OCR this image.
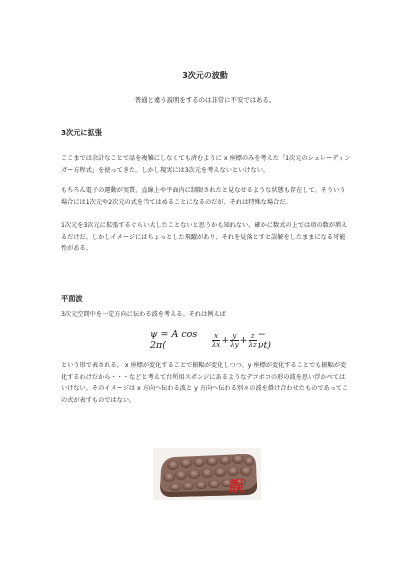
3次元の波動
普通と違う説明をするのは非常に不安ではある。
3次元に拡張

ここまでは余計なことで話を複雑にしなくても済むように x 座標のみを考えた「1次元のシュレーディンガー方程式」を使ってきた。しかし現実には3次元を考えないといけない。

もちろん電子の運動が実質、直線上や平面内に制限されたと見なせるような状態も存在して、そういう場合には1次元や2次元の式を当てはめることになるのだが、それは特殊な場合だ。

1次元を3次元に拡張するぐらい大したことないと思うかも知れない。確かに数式の上では項の数が増えるだけだ。しかしイメージにはちょっとした飛躍があり、それを見落とすと誤解をしたままになる可能性がある。

平面波

3次元空間中を一定方向に伝わる波を考える。それは例えば

ψ = A cos 2π(	$\frac{x}{\lambda x} + \frac{y}{\lambda y} + \frac{z}{\lambda z} - \nu t$)

という形で表される。 x 座標が変化することで振幅が変化しつつ、y 座標が変化することでも振幅が変化するわけだから・・・などと考えて台所用スポンジにあるようなデコボコの形の波を思い浮かべてはいけない。そのイメージは x 方向へ伝わる波と y 方向へ伝わる別々の波を掛け合わせたものであってこの式が表すものではない。

誤
